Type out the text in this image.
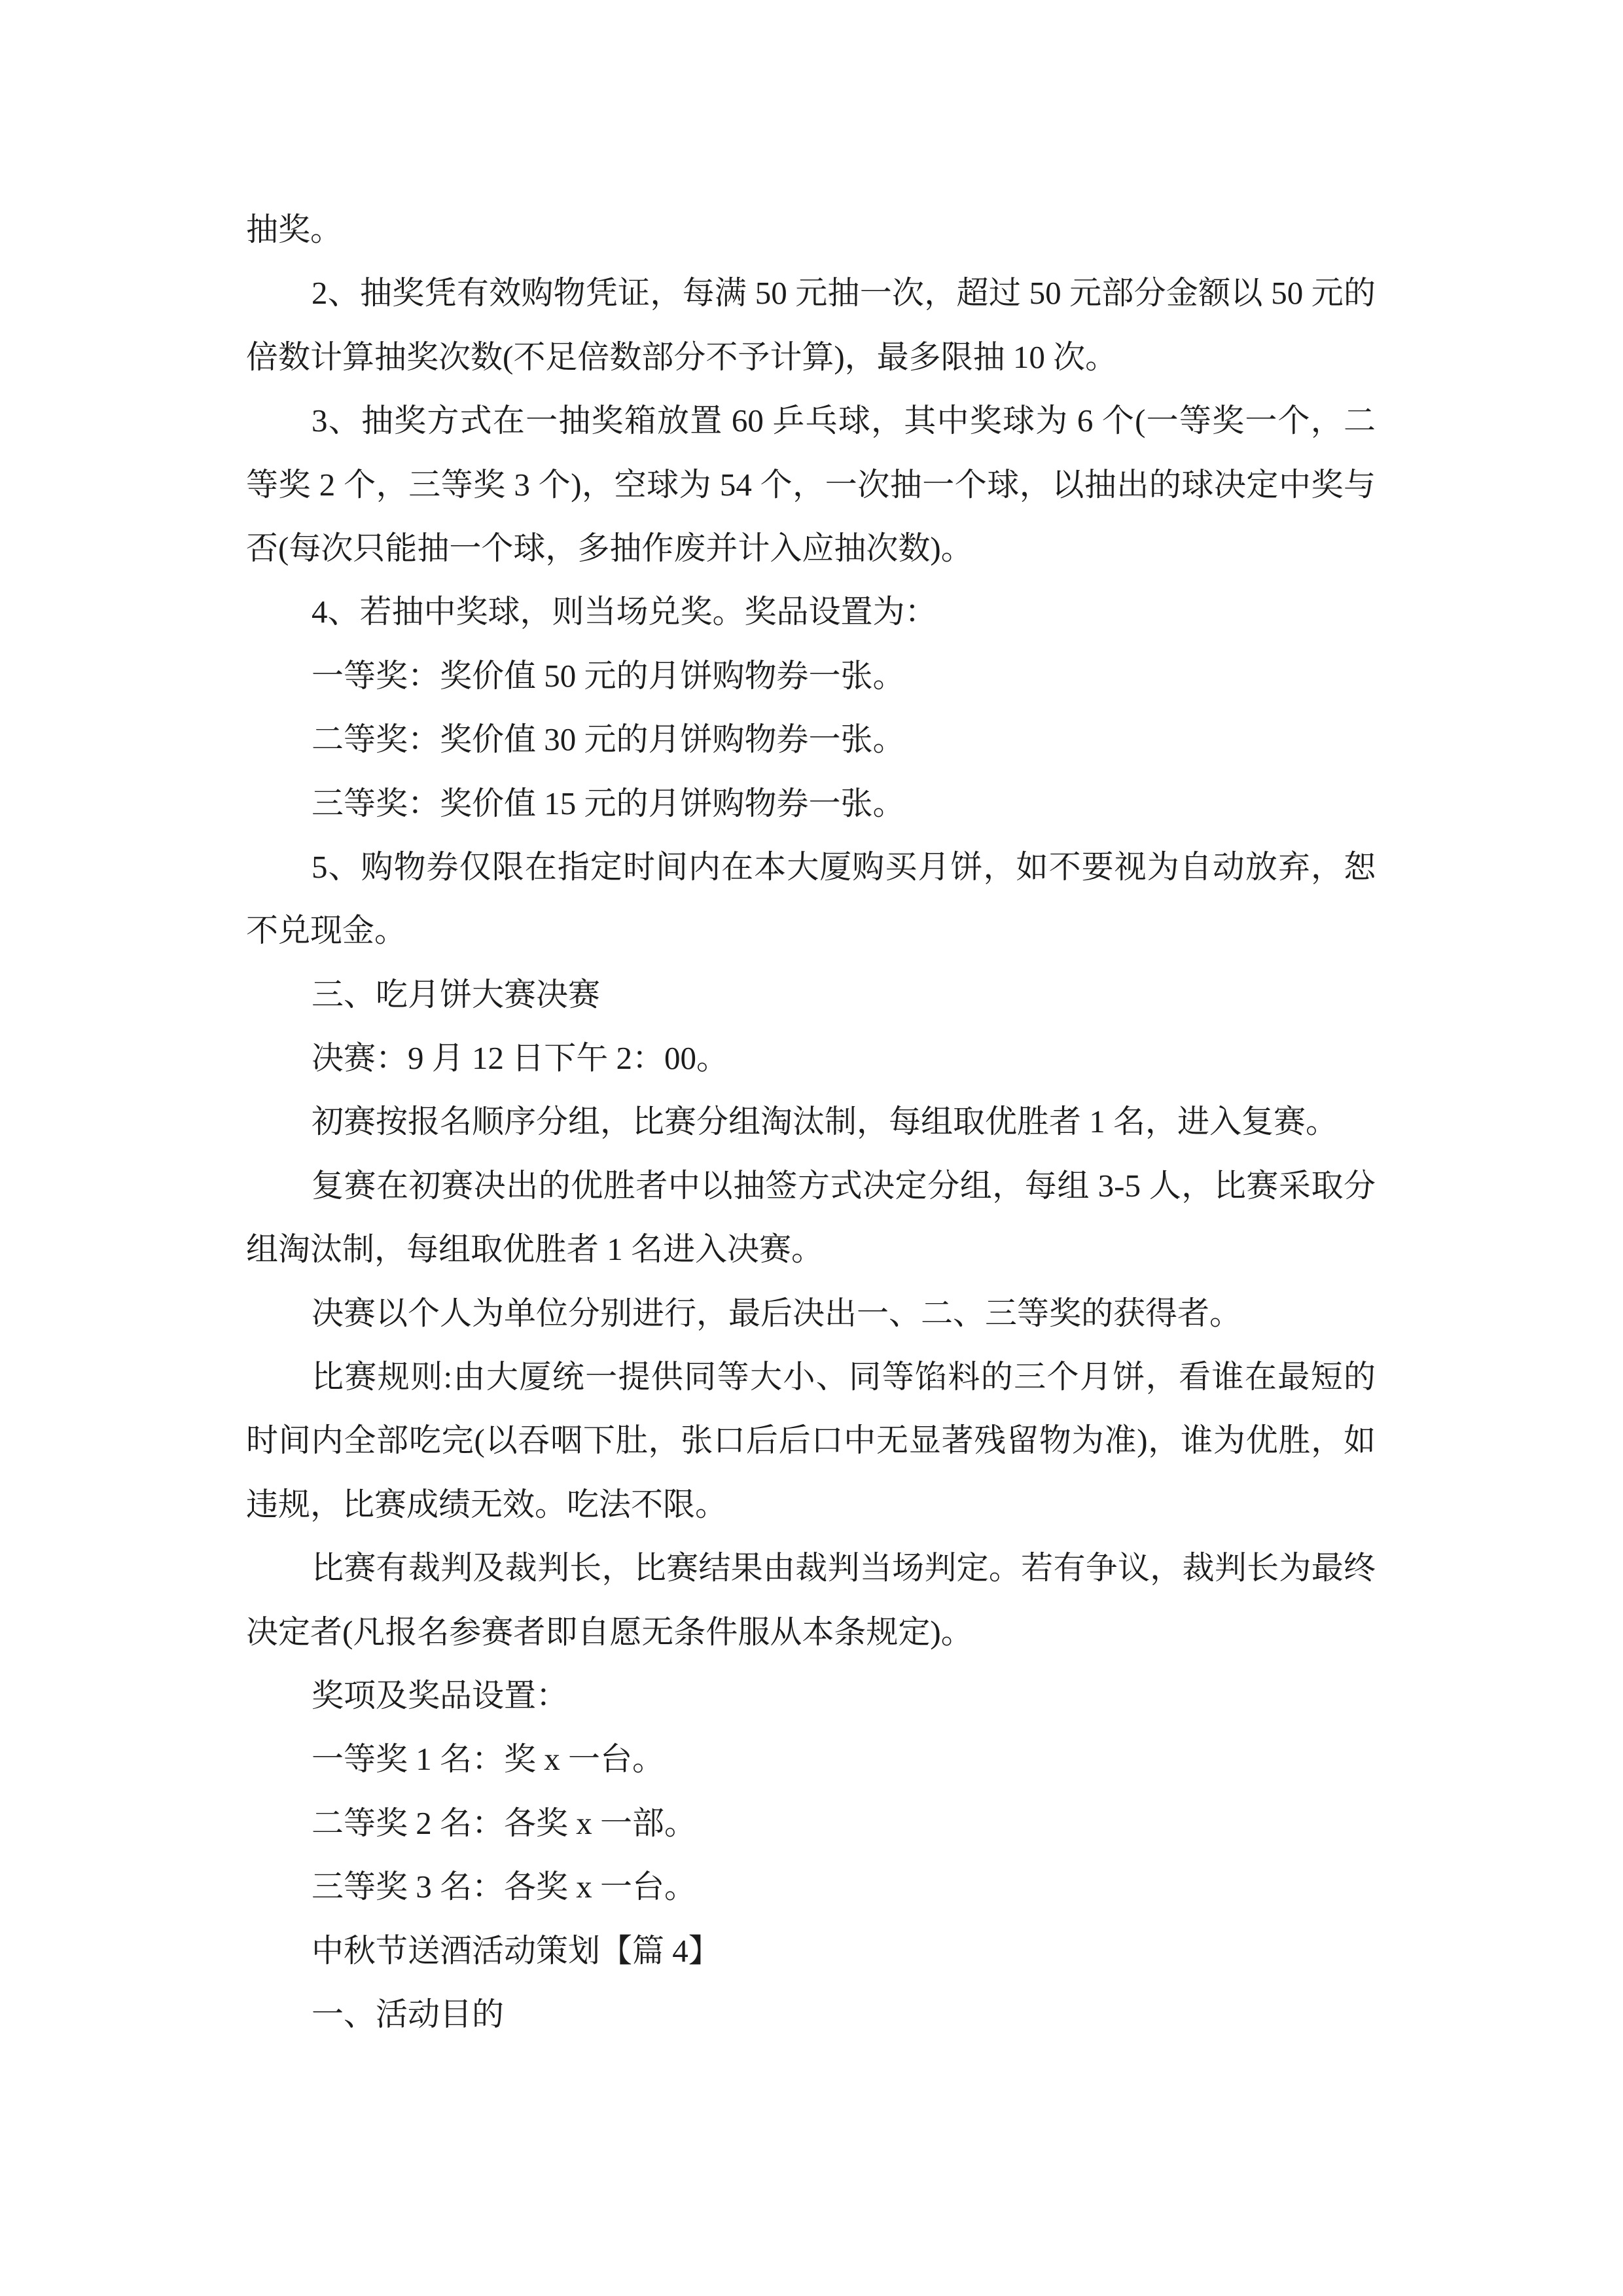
抽奖。
2、抽奖凭有效购物凭证，每满 50 元抽一次，超过 50 元部分金额以 50 元的
倍数计算抽奖次数(不足倍数部分不予计算)，最多限抽 10 次。
3、抽奖方式在一抽奖箱放置 60 乒乓球，其中奖球为 6 个(一等奖一个，二
等奖 2 个，三等奖 3 个)，空球为 54 个，一次抽一个球，以抽出的球决定中奖与
否(每次只能抽一个球，多抽作废并计入应抽次数)。
4、若抽中奖球，则当场兑奖。奖品设置为：
一等奖：奖价值 50 元的月饼购物券一张。
二等奖：奖价值 30 元的月饼购物券一张。
三等奖：奖价值 15 元的月饼购物券一张。
5、购物券仅限在指定时间内在本大厦购买月饼，如不要视为自动放弃，恕
不兑现金。
三、吃月饼大赛决赛
决赛：9 月 12 日下午 2：00。
初赛按报名顺序分组，比赛分组淘汰制，每组取优胜者 1 名，进入复赛。
复赛在初赛决出的优胜者中以抽签方式决定分组，每组 3-5 人，比赛采取分
组淘汰制，每组取优胜者 1 名进入决赛。
决赛以个人为单位分别进行，最后决出一、二、三等奖的获得者。
比赛规则:由大厦统一提供同等大小、同等馅料的三个月饼，看谁在最短的
时间内全部吃完(以吞咽下肚，张口后后口中无显著残留物为准)，谁为优胜，如
违规，比赛成绩无效。吃法不限。
比赛有裁判及裁判长，比赛结果由裁判当场判定。若有争议，裁判长为最终
决定者(凡报名参赛者即自愿无条件服从本条规定)。
奖项及奖品设置：
一等奖 1 名：奖 x 一台。
二等奖 2 名：各奖 x 一部。
三等奖 3 名：各奖 x 一台。
中秋节送酒活动策划【篇 4】
一、活动目的
